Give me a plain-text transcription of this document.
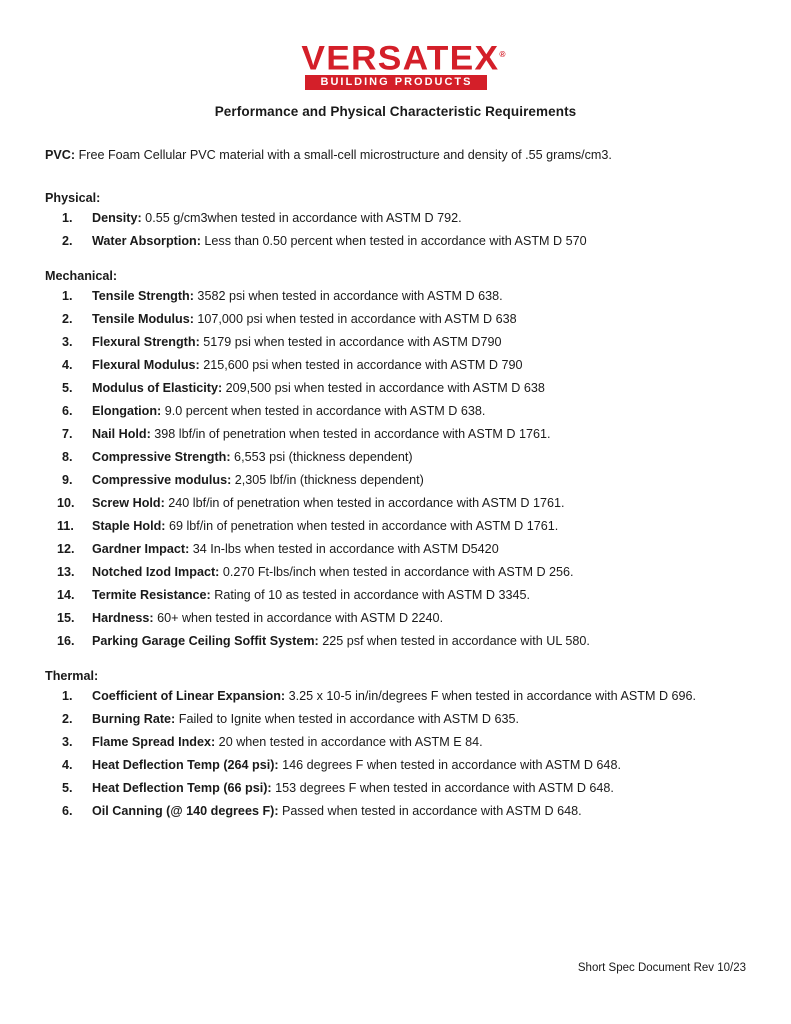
VERSATEX®
BUILDING PRODUCTS
Performance and Physical Characteristic Requirements

PVC: Free Foam Cellular PVC material with a small-cell microstructure and density of .55 grams/cm3.

Physical:
1.	Density: 0.55 g/cm3when tested in accordance with ASTM D 792.
2.	Water Absorption: Less than 0.50 percent when tested in accordance with ASTM D 570
Mechanical:
1.	Tensile Strength: 3582 psi when tested in accordance with ASTM D 638.
2.	Tensile Modulus: 107,000 psi when tested in accordance with ASTM D 638
3.	Flexural Strength: 5179 psi when tested in accordance with ASTM D790
4.	Flexural Modulus: 215,600 psi when tested in accordance with ASTM D 790
5.	Modulus of Elasticity: 209,500 psi when tested in accordance with ASTM D 638
6.	Elongation: 9.0 percent when tested in accordance with ASTM D 638.
7.	Nail Hold: 398 lbf/in of penetration when tested in accordance with ASTM D 1761.
8.	Compressive Strength: 6,553 psi (thickness dependent)
9.	Compressive modulus: 2,305 lbf/in (thickness dependent)
10.	Screw Hold: 240 lbf/in of penetration when tested in accordance with ASTM D 1761.
11.	Staple Hold: 69 lbf/in of penetration when tested in accordance with ASTM D 1761.
12.	Gardner Impact: 34 In-lbs when tested in accordance with ASTM D5420
13.	Notched Izod Impact: 0.270 Ft-lbs/inch when tested in accordance with ASTM D 256.
14.	Termite Resistance: Rating of 10 as tested in accordance with ASTM D 3345.
15.	Hardness: 60+ when tested in accordance with ASTM D 2240.
16.	Parking Garage Ceiling Soffit System: 225 psf when tested in accordance with UL 580.
Thermal:
1.	Coefficient of Linear Expansion: 3.25 x 10-5 in/in/degrees F when tested in accordance with ASTM D 696.
2.	Burning Rate: Failed to Ignite when tested in accordance with ASTM D 635.
3.	Flame Spread Index: 20 when tested in accordance with ASTM E 84.
4.	Heat Deflection Temp (264 psi): 146 degrees F when tested in accordance with ASTM D 648.
5.	Heat Deflection Temp (66 psi): 153 degrees F when tested in accordance with ASTM D 648.
6.	Oil Canning (@ 140 degrees F): Passed when tested in accordance with ASTM D 648.
Short Spec Document Rev 10/23
